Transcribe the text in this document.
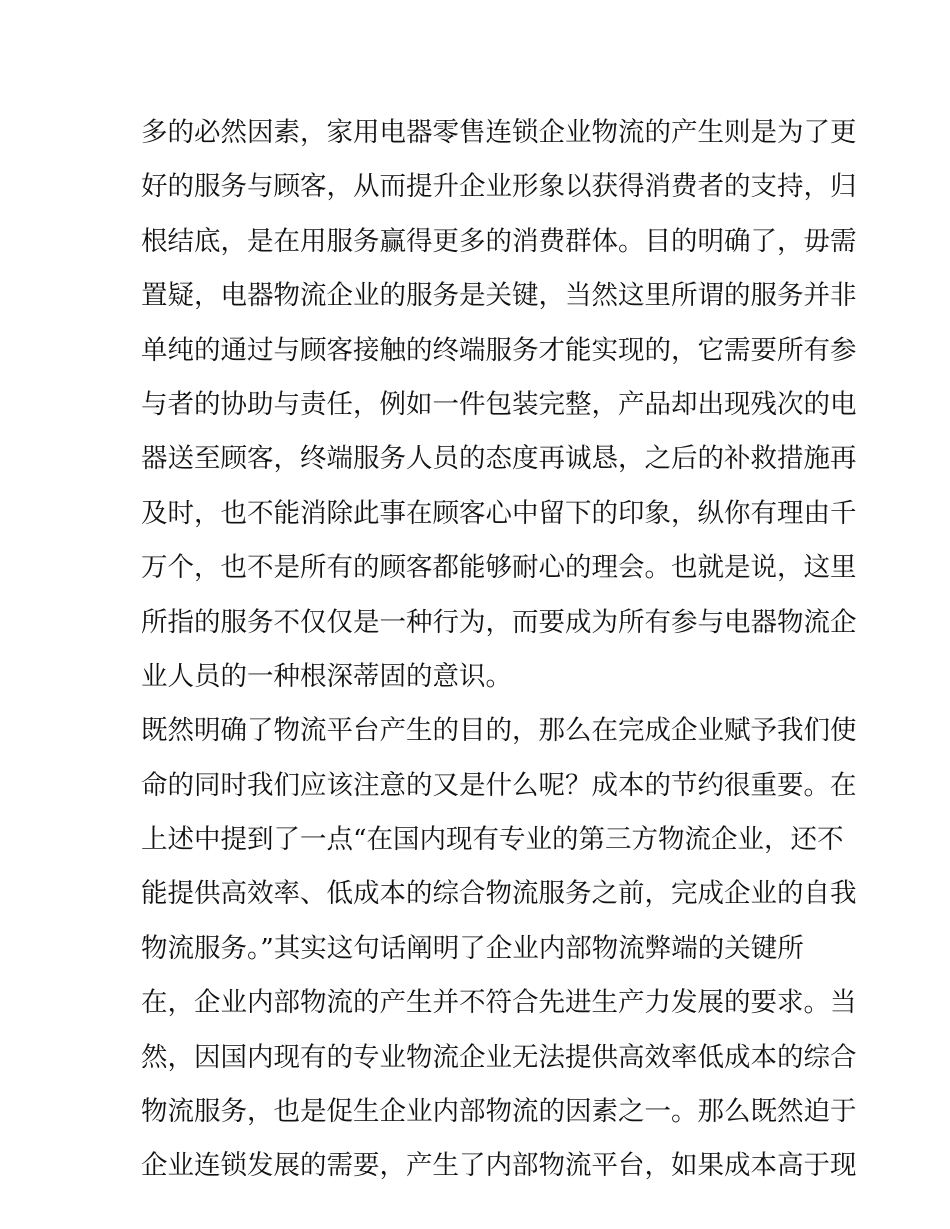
多的必然因素，家用电器零售连锁企业物流的产生则是为了更
好的服务与顾客，从而提升企业形象以获得消费者的支持，归
根结底，是在用服务赢得更多的消费群体。目的明确了，毋需
置疑，电器物流企业的服务是关键，当然这里所谓的服务并非
单纯的通过与顾客接触的终端服务才能实现的，它需要所有参
与者的协助与责任，例如一件包装完整，产品却出现残次的电
器送至顾客，终端服务人员的态度再诚恳，之后的补救措施再
及时，也不能消除此事在顾客心中留下的印象，纵你有理由千
万个，也不是所有的顾客都能够耐心的理会。也就是说，这里
所指的服务不仅仅是一种行为，而要成为所有参与电器物流企
业人员的一种根深蒂固的意识。
既然明确了物流平台产生的目的，那么在完成企业赋予我们使
命的同时我们应该注意的又是什么呢？成本的节约很重要。在
上述中提到了一点“在国内现有专业的第三方物流企业，还不
能提供高效率、低成本的综合物流服务之前，完成企业的自我
物流服务。”其实这句话阐明了企业内部物流弊端的关键所
在，企业内部物流的产生并不符合先进生产力发展的要求。当
然，因国内现有的专业物流企业无法提供高效率低成本的综合
物流服务，也是促生企业内部物流的因素之一。那么既然迫于
企业连锁发展的需要，产生了内部物流平台，如果成本高于现
